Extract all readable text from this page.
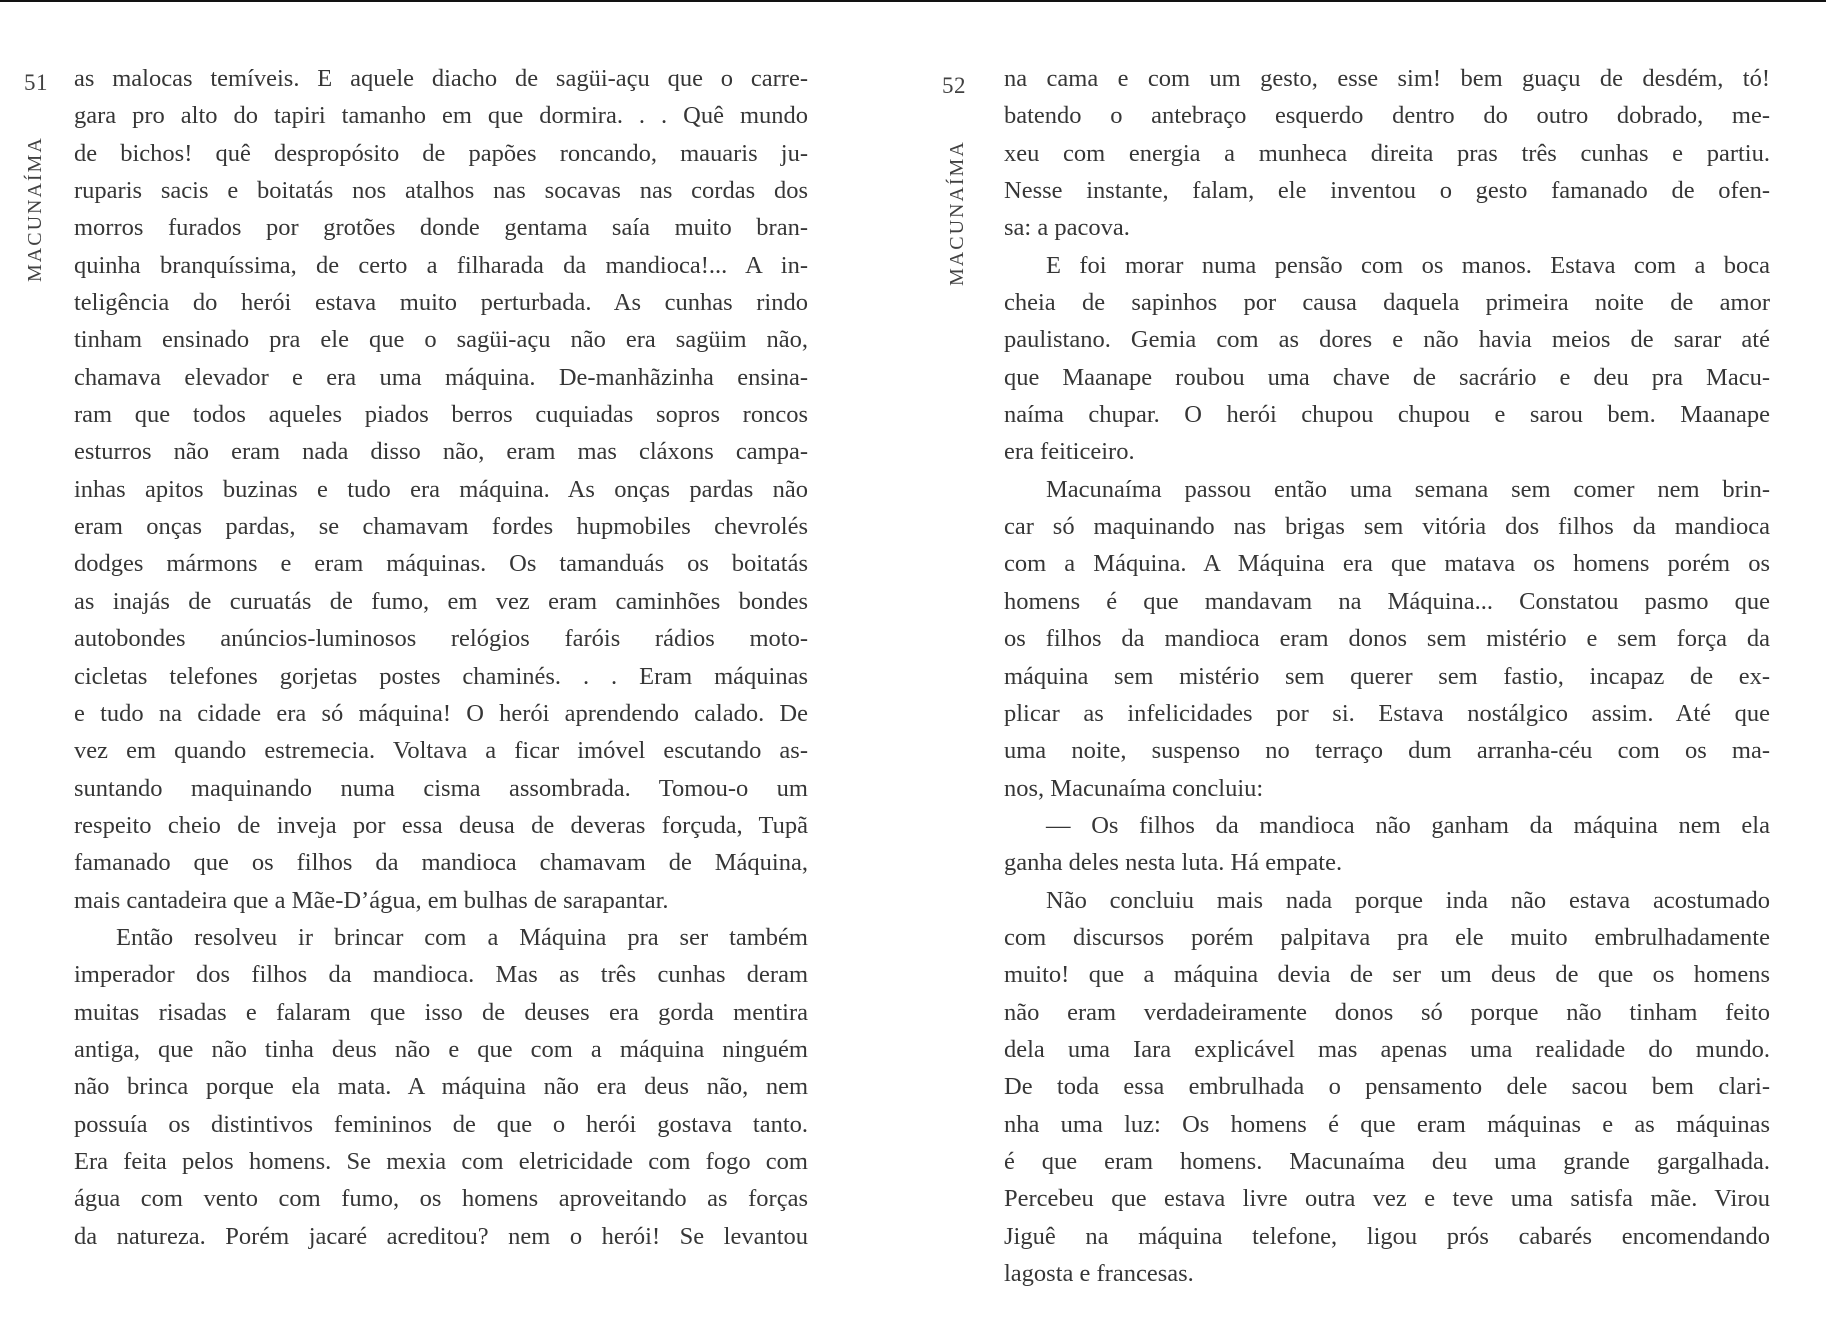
51
MACUNAÍMA
as malocas temíveis. E aquele diacho de sagüi-açu que o carre-
gara pro alto do tapiri tamanho em que dormira. . . Quê mundo
de bichos! quê despropósito de papões roncando, mauaris ju-
ruparis sacis e boitatás nos atalhos nas socavas nas cordas dos
morros furados por grotões donde gentama saía muito bran-
quinha branquíssima, de certo a filharada da mandioca!... A in-
teligência do herói estava muito perturbada. As cunhas rindo
tinham ensinado pra ele que o sagüi-açu não era sagüim não,
chamava elevador e era uma máquina. De-manhãzinha ensina-
ram que todos aqueles piados berros cuquiadas sopros roncos
esturros não eram nada disso não, eram mas cláxons campa-
inhas apitos buzinas e tudo era máquina. As onças pardas não
eram onças pardas, se chamavam fordes hupmobiles chevrolés
dodges mármons e eram máquinas. Os tamanduás os boitatás
as inajás de curuatás de fumo, em vez eram caminhões bondes
autobondes anúncios-luminosos relógios faróis rádios moto-
cicletas telefones gorjetas postes chaminés. . . Eram máquinas
e tudo na cidade era só máquina! O herói aprendendo calado. De
vez em quando estremecia. Voltava a ficar imóvel escutando as-
suntando maquinando numa cisma assombrada. Tomou-o um
respeito cheio de inveja por essa deusa de deveras forçuda, Tupã
famanado que os filhos da mandioca chamavam de Máquina,
mais cantadeira que a Mãe-D’água, em bulhas de sarapantar.
Então resolveu ir brincar com a Máquina pra ser também
imperador dos filhos da mandioca. Mas as três cunhas deram
muitas risadas e falaram que isso de deuses era gorda mentira
antiga, que não tinha deus não e que com a máquina ninguém
não brinca porque ela mata. A máquina não era deus não, nem
possuía os distintivos femininos de que o herói gostava tanto.
Era feita pelos homens. Se mexia com eletricidade com fogo com
água com vento com fumo, os homens aproveitando as forças
da natureza. Porém jacaré acreditou? nem o herói! Se levantou
52
MACUNAÍMA
na cama e com um gesto, esse sim! bem guaçu de desdém, tó!
batendo o antebraço esquerdo dentro do outro dobrado, me-
xeu com energia a munheca direita pras três cunhas e partiu.
Nesse instante, falam, ele inventou o gesto famanado de ofen-
sa: a pacova.
E foi morar numa pensão com os manos. Estava com a boca
cheia de sapinhos por causa daquela primeira noite de amor
paulistano. Gemia com as dores e não havia meios de sarar até
que Maanape roubou uma chave de sacrário e deu pra Macu-
naíma chupar. O herói chupou chupou e sarou bem. Maanape
era feiticeiro.
Macunaíma passou então uma semana sem comer nem brin-
car só maquinando nas brigas sem vitória dos filhos da mandioca
com a Máquina. A Máquina era que matava os homens porém os
homens é que mandavam na Máquina... Constatou pasmo que
os filhos da mandioca eram donos sem mistério e sem força da
máquina sem mistério sem querer sem fastio, incapaz de ex-
plicar as infelicidades por si. Estava nostálgico assim. Até que
uma noite, suspenso no terraço dum arranha-céu com os ma-
nos, Macunaíma concluiu:
— Os filhos da mandioca não ganham da máquina nem ela
ganha deles nesta luta. Há empate.
Não concluiu mais nada porque inda não estava acostumado
com discursos porém palpitava pra ele muito embrulhadamente
muito! que a máquina devia de ser um deus de que os homens
não eram verdadeiramente donos só porque não tinham feito
dela uma Iara explicável mas apenas uma realidade do mundo.
De toda essa embrulhada o pensamento dele sacou bem clari-
nha uma luz: Os homens é que eram máquinas e as máquinas
é que eram homens. Macunaíma deu uma grande gargalhada.
Percebeu que estava livre outra vez e teve uma satisfa mãe. Virou
Jiguê na máquina telefone, ligou prós cabarés encomendando
lagosta e francesas.
